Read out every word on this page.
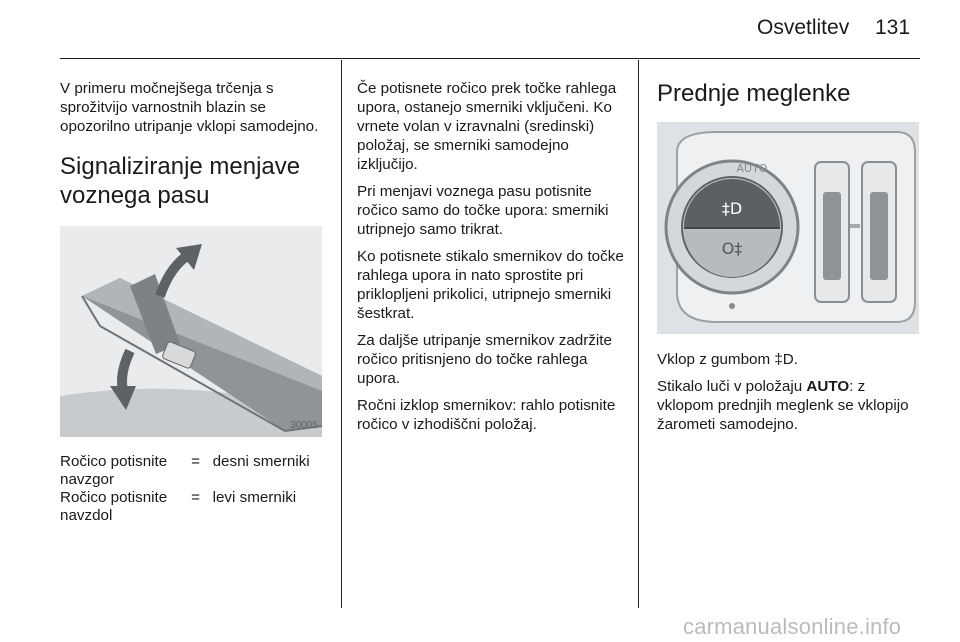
Osvetlitev 131

V primeru močnejšega trčenja s sprožitvijo varnostnih blazin se opozorilno utripanje vklopi samodejno.

Signaliziranje menjave voznega pasu
30005
Ročico potisnite navzgor
= desni smerniki
Ročico potisnite navzdol
= levi smerniki

Če potisnete ročico prek točke rahlega upora, ostanejo smerniki vključeni. Ko vrnete volan v izravnalni (sredinski) položaj, se smerniki samodejno izključijo.

Pri menjavi voznega pasu potisnite ročico samo do točke upora: smerniki utripnejo samo trikrat.

Ko potisnete stikalo smernikov do točke rahlega upora in nato sprostite pri priklopljeni prikolici, utripnejo smerniki šestkrat.

Za daljše utripanje smernikov zadržite ročico pritisnjeno do točke rahlega upora.

Ročni izklop smernikov: rahlo potisnite ročico v izhodiščni položaj.

Prednje meglenke
‡D
O‡
AUTO

Vklop z gumbom ‡D.

Stikalo luči v položaju AUTO: z vklopom prednjih meglenk se vklopijo žarometi samodejno.

carmanualsonline.info
